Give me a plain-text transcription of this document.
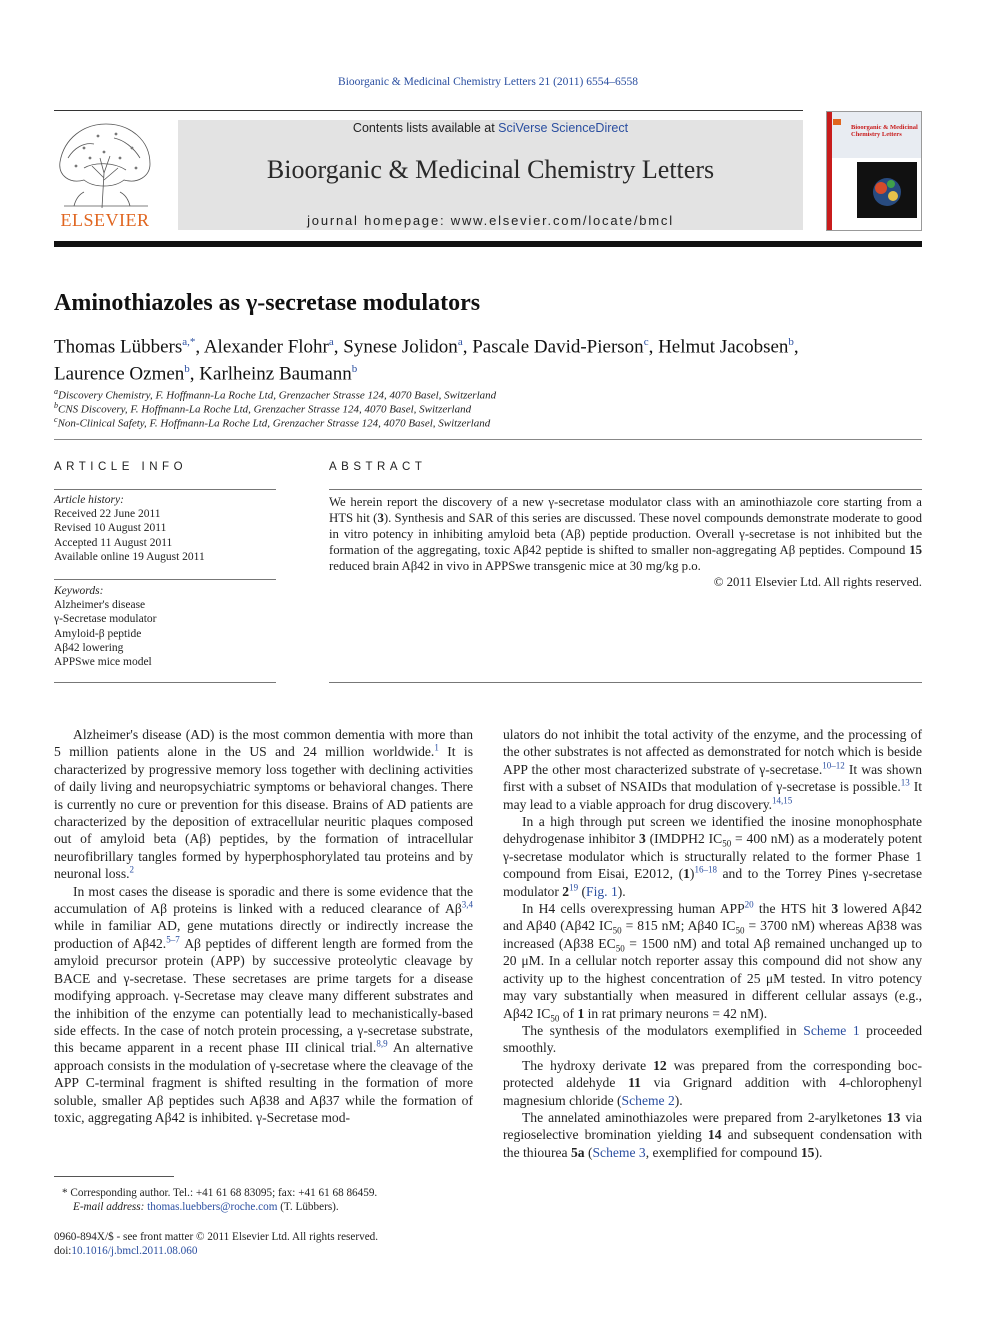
Bioorganic & Medicinal Chemistry Letters 21 (2011) 6554–6558
ELSEVIER
Contents lists available at SciVerse ScienceDirect
Bioorganic & Medicinal Chemistry Letters
journal homepage: www.elsevier.com/locate/bmcl
Bioorganic & Medicinal Chemistry Letters
Aminothiazoles as γ-secretase modulators
Thomas Lübbers$^{a,*}$, Alexander Flohr$^a$, Synese Jolidon$^a$, Pascale David-Pierson$^c$, Helmut Jacobsen$^b$,
Laurence Ozmen$^b$, Karlheinz Baumann$^b$
$^a$Discovery Chemistry, F. Hoffmann-La Roche Ltd, Grenzacher Strasse 124, 4070 Basel, Switzerland
$^b$CNS Discovery, F. Hoffmann-La Roche Ltd, Grenzacher Strasse 124, 4070 Basel, Switzerland
$^c$Non-Clinical Safety, F. Hoffmann-La Roche Ltd, Grenzacher Strasse 124, 4070 Basel, Switzerland
ARTICLE INFO
Article history:
Received 22 June 2011
Revised 10 August 2011
Accepted 11 August 2011
Available online 19 August 2011
Keywords:
Alzheimer's disease
γ-Secretase modulator
Amyloid-β peptide
Aβ42 lowering
APPSwe mice model
ABSTRACT
We herein report the discovery of a new γ-secretase modulator class with an aminothiazole core starting from a HTS hit (3). Synthesis and SAR of this series are discussed. These novel compounds demonstrate moderate to good in vitro potency in inhibiting amyloid beta (Aβ) peptide production. Overall γ-secretase is not inhibited but the formation of the aggregating, toxic Aβ42 peptide is shifted to smaller non-aggregating Aβ peptides. Compound 15 reduced brain Aβ42 in vivo in APPSwe transgenic mice at 30 mg/kg p.o.
© 2011 Elsevier Ltd. All rights reserved.

Alzheimer's disease (AD) is the most common dementia with more than 5 million patients alone in the US and 24 million worldwide.$^1$ It is characterized by progressive memory loss together with declining activities of daily living and neuropsychiatric symptoms or behavioral changes. There is currently no cure or prevention for this disease. Brains of AD patients are characterized by the deposition of extracellular neuritic plaques composed out of amyloid beta (Aβ) peptides, by the formation of intracellular neurofibrillary tangles formed by hyperphosphorylated tau proteins and by neuronal loss.$^2$

In most cases the disease is sporadic and there is some evidence that the accumulation of Aβ proteins is linked with a reduced clearance of Aβ$^{3,4}$ while in familiar AD, gene mutations directly or indirectly increase the production of Aβ42.$^{5-7}$ Aβ peptides of different length are formed from the amyloid precursor protein (APP) by successive proteolytic cleavage by BACE and γ-secretase. These secretases are prime targets for a disease modifying approach. γ-Secretase may cleave many different substrates and the inhibition of the enzyme can potentially lead to mechanistically-based side effects. In the case of notch protein processing, a γ-secretase substrate, this became apparent in a recent phase III clinical trial.$^{8,9}$ An alternative approach consists in the modulation of γ-secretase where the cleavage of the APP C-terminal fragment is shifted resulting in the formation of more soluble, smaller Aβ peptides such Aβ38 and Aβ37 while the formation of toxic, aggregating Aβ42 is inhibited. γ-Secretase mod-

ulators do not inhibit the total activity of the enzyme, and the processing of the other substrates is not affected as demonstrated for notch which is beside APP the other most characterized substrate of γ-secretase.$^{10-12}$ It was shown first with a subset of NSAIDs that modulation of γ-secretase is possible.$^{13}$ It may lead to a viable approach for drug discovery.$^{14,15}$

In a high through put screen we identified the inosine monophosphate dehydrogenase inhibitor 3 (IMDPH2 $IC_{50} = 400$ nM) as a moderately potent γ-secretase modulator which is structurally related to the former Phase 1 compound from Eisai, E2012, $(1)^{16-18}$ and to the Torrey Pines γ-secretase modulator $2^{19}$ (Fig. 1).

In H4 cells overexpressing human APP$^{20}$ the HTS hit 3 lowered Aβ42 and Aβ40 (Aβ42 $IC_{50} = 815$ nM; Aβ40 $IC_{50} = 3700$ nM) whereas Aβ38 was increased (Aβ38 $EC_{50} = 1500$ nM) and total Aβ remained unchanged up to 20 μM. In a cellular notch reporter assay this compound did not show any activity up to the highest concentration of 25 μM tested. In vitro potency may vary substantially when measured in different cellular assays (e.g., Aβ42 $IC_{50}$ of 1 in rat primary neurons = 42 nM).

The synthesis of the modulators exemplified in Scheme 1 proceeded smoothly.

The hydroxy derivate 12 was prepared from the corresponding boc-protected aldehyde 11 via Grignard addition with 4-chlorophenyl magnesium chloride (Scheme 2).

The annelated aminothiazoles were prepared from 2-arylketones 13 via regioselective bromination yielding 14 and subsequent condensation with the thiourea 5a (Scheme 3, exemplified for compound 15).

* Corresponding author. Tel.: +41 61 68 83095; fax: +41 61 68 86459.
E-mail address: thomas.luebbers@roche.com (T. Lübbers).
0960-894X/$ - see front matter © 2011 Elsevier Ltd. All rights reserved.
doi:10.1016/j.bmcl.2011.08.060
